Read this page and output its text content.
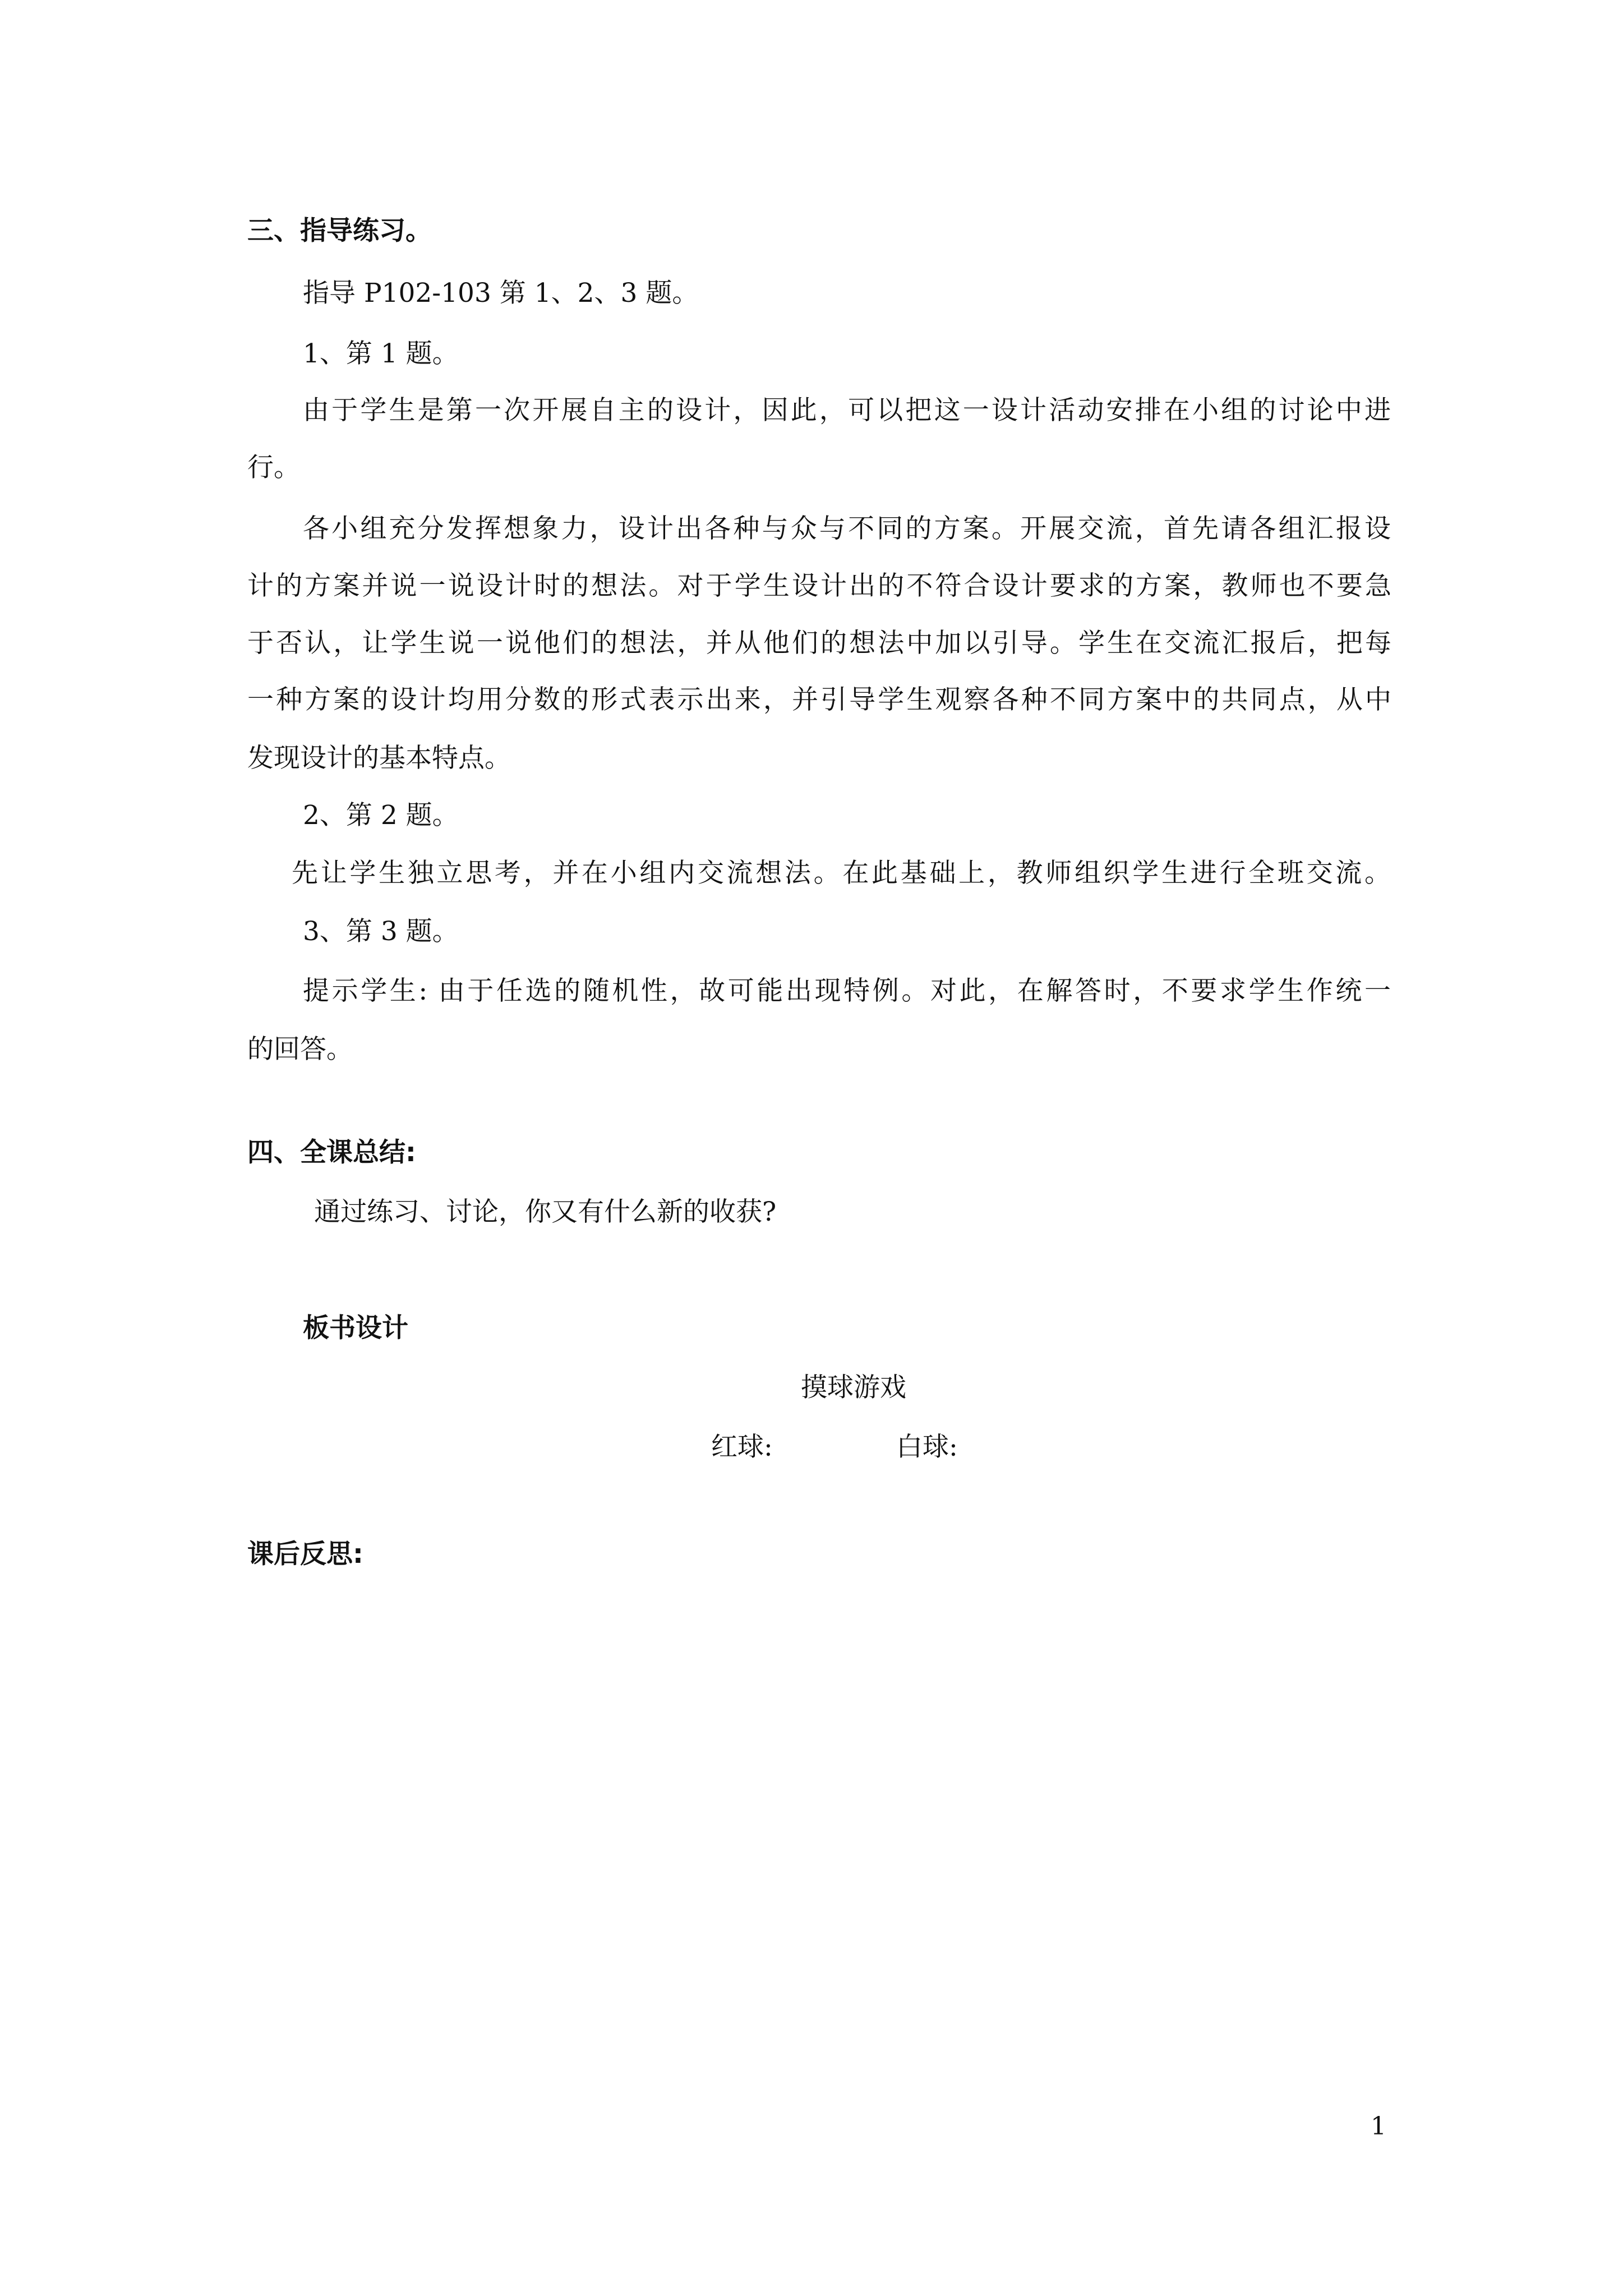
三、指导练习。
指导 P102-103 第 1、2、3 题。
1、第 1 题。
由于学生是第一次开展自主的设计，因此，可以把这一设计活动安排在小组的讨论中进
行。
各小组充分发挥想象力，设计出各种与众与不同的方案。开展交流，首先请各组汇报设
计的方案并说一说设计时的想法。对于学生设计出的不符合设计要求的方案，教师也不要急
于否认，让学生说一说他们的想法，并从他们的想法中加以引导。学生在交流汇报后，把每
一种方案的设计均用分数的形式表示出来，并引导学生观察各种不同方案中的共同点，从中
发现设计的基本特点。
2、第 2 题。
先让学生独立思考，并在小组内交流想法。在此基础上，教师组织学生进行全班交流。
3、第 3 题。
提示学生: 由于任选的随机性，故可能出现特例。对此，在解答时，不要求学生作统一
的回答。
四、全课总结:
通过练习、讨论，你又有什么新的收获?
板书设计
摸球游戏
红球:	白球:
课后反思:
1
